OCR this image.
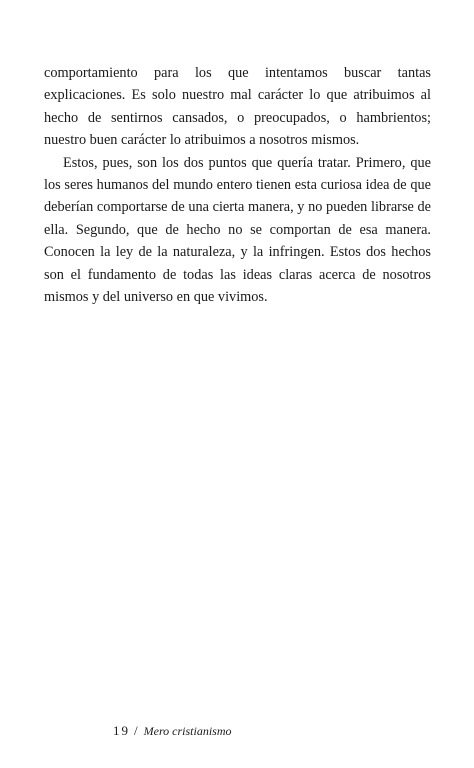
comportamiento para los que intentamos buscar tantas explicaciones. Es solo nuestro mal carácter lo que atribuimos al hecho de sentirnos cansados, o preocupados, o hambrientos; nuestro buen carácter lo atribuimos a nosotros mismos.

Estos, pues, son los dos puntos que quería tratar. Primero, que los seres humanos del mundo entero tienen esta curiosa idea de que deberían comportarse de una cierta manera, y no pueden librarse de ella. Segundo, que de hecho no se comportan de esa manera. Conocen la ley de la naturaleza, y la infringen. Estos dos hechos son el fundamento de todas las ideas claras acerca de nosotros mismos y del universo en que vivimos.

19 / Mero cristianismo
